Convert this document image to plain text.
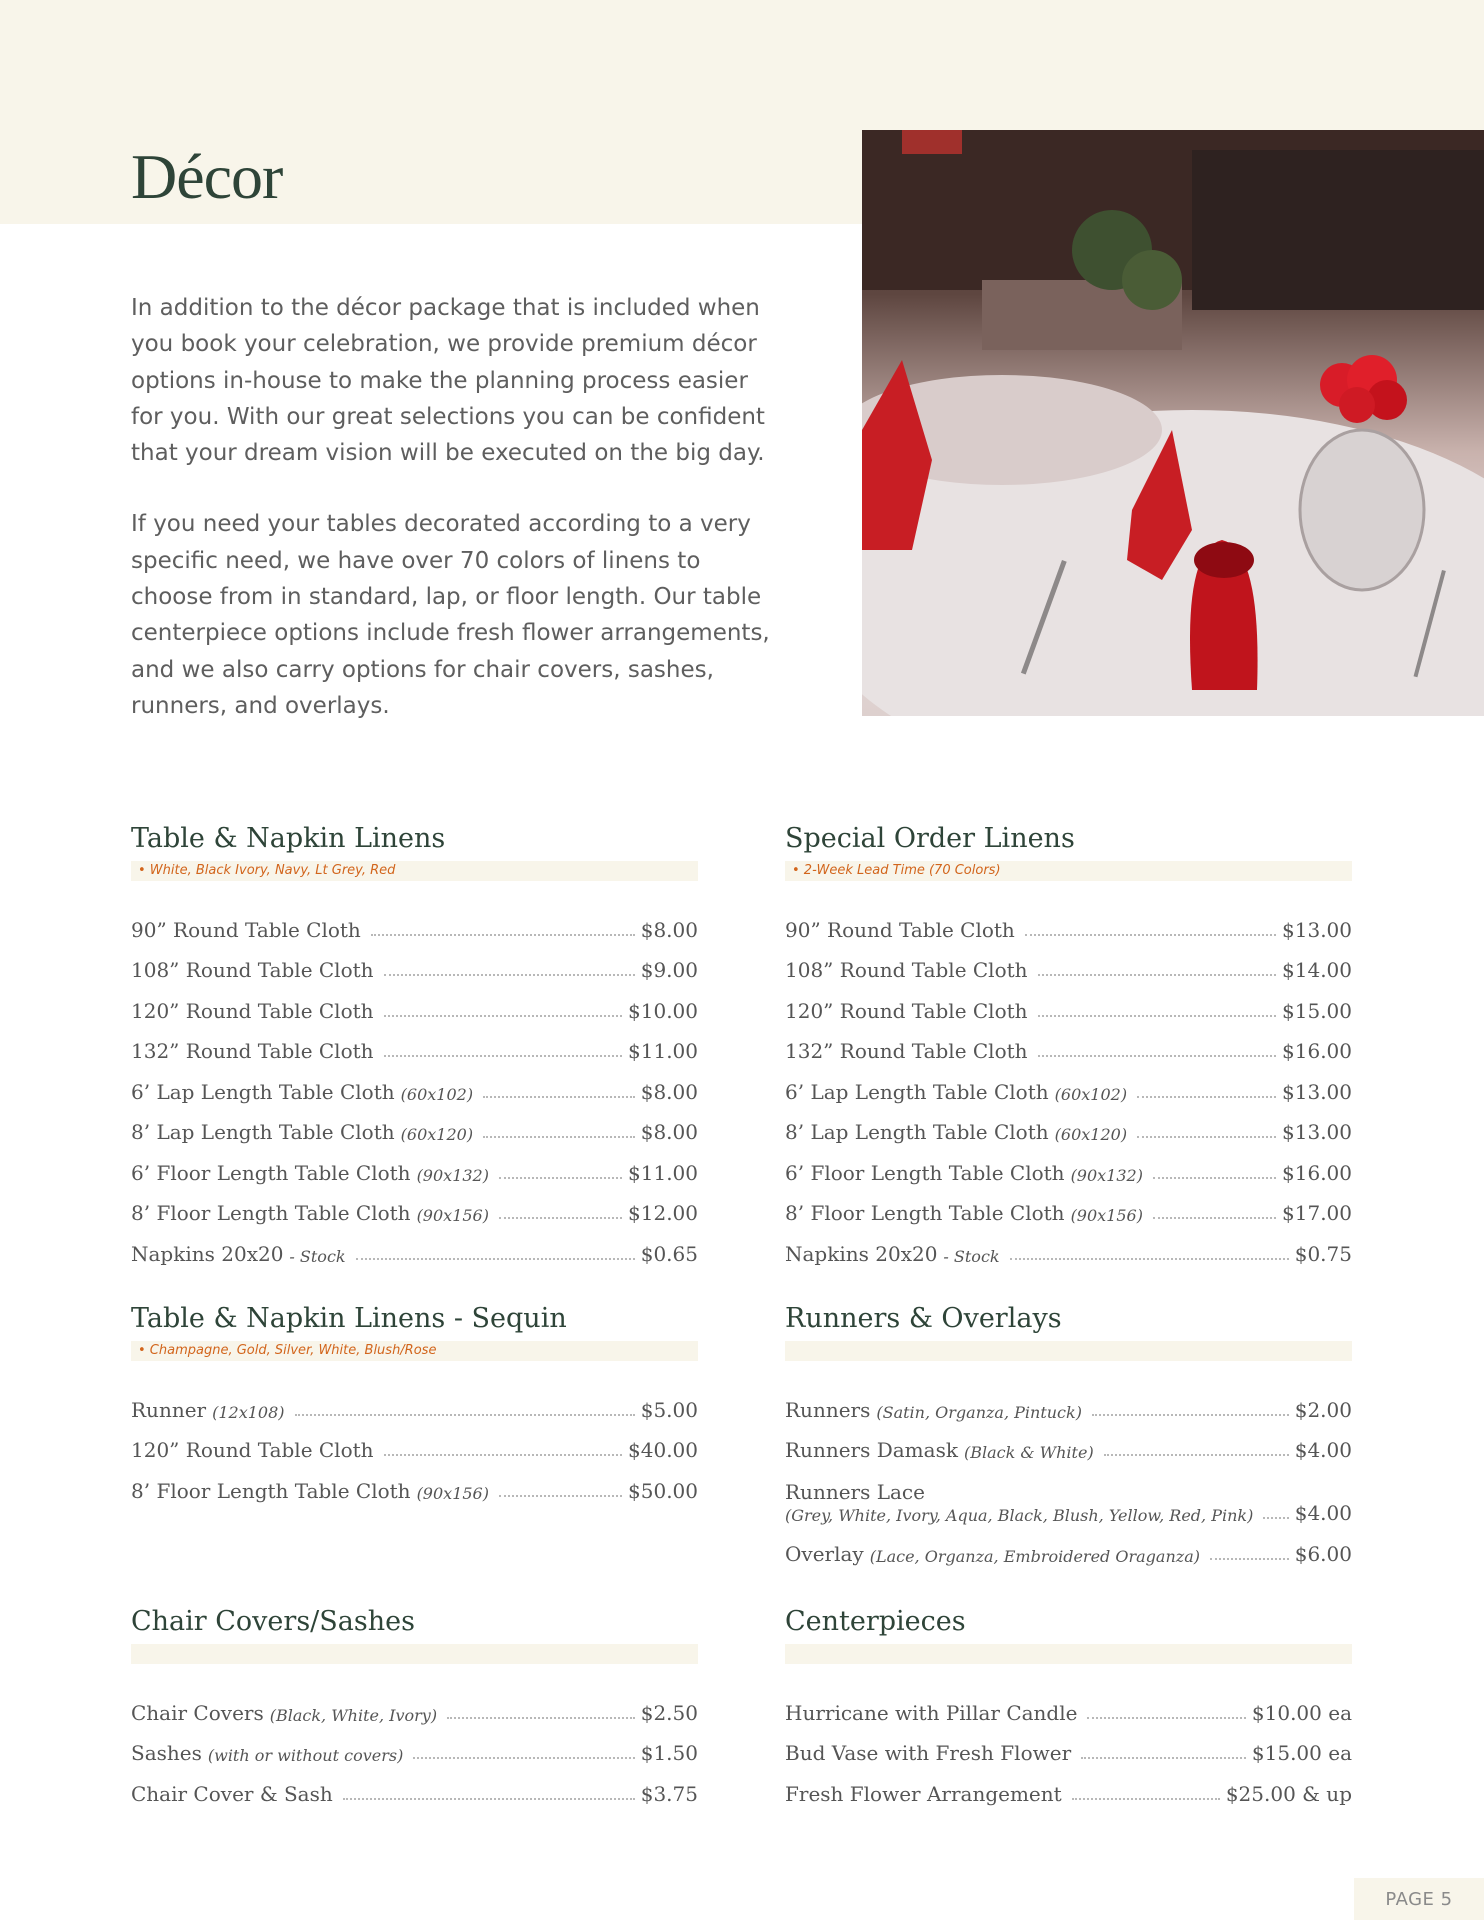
Décor

In addition to the décor package that is included when you book your celebration, we provide premium décor options in-house to make the planning process easier for you. With our great selections you can be confident that your dream vision will be executed on the big day.

If you need your tables decorated according to a very specific need, we have over 70 colors of linens to choose from in standard, lap, or floor length. Our table centerpiece options include fresh flower arrangements, and we also carry options for chair covers, sashes, runners, and overlays.

Table & Napkin Linens
• White, Black Ivory, Navy, Lt Grey, Red
90” Round Table Cloth	$8.00
108” Round Table Cloth	$9.00
120” Round Table Cloth	$10.00
132” Round Table Cloth	$11.00
6’ Lap Length Table Cloth (60x102)	$8.00
8’ Lap Length Table Cloth (60x120)	$8.00
6’ Floor Length Table Cloth (90x132)	$11.00
8’ Floor Length Table Cloth (90x156)	$12.00
Napkins 20x20 - Stock	$0.65
Special Order Linens
• 2-Week Lead Time (70 Colors)
90” Round Table Cloth	$13.00
108” Round Table Cloth	$14.00
120” Round Table Cloth	$15.00
132” Round Table Cloth	$16.00
6’ Lap Length Table Cloth (60x102)	$13.00
8’ Lap Length Table Cloth (60x120)	$13.00
6’ Floor Length Table Cloth (90x132)	$16.00
8’ Floor Length Table Cloth (90x156)	$17.00
Napkins 20x20 - Stock	$0.75
Table & Napkin Linens - Sequin
• Champagne, Gold, Silver, White, Blush/Rose
Runner (12x108)	$5.00
120” Round Table Cloth	$40.00
8’ Floor Length Table Cloth (90x156)	$50.00
Runners & Overlays
Runners (Satin, Organza, Pintuck)	$2.00
Runners Damask (Black & White)	$4.00
Runners Lace
(Grey, White, Ivory, Aqua, Black, Blush, Yellow, Red, Pink) $4.00
Overlay (Lace, Organza, Embroidered Oraganza)	$6.00
Chair Covers/Sashes
Chair Covers (Black, White, Ivory)	$2.50
Sashes (with or without covers)	$1.50
Chair Cover & Sash	$3.75
Centerpieces
Hurricane with Pillar Candle	$10.00 ea
Bud Vase with Fresh Flower	$15.00 ea
Fresh Flower Arrangement	$25.00 & up
PAGE 5
